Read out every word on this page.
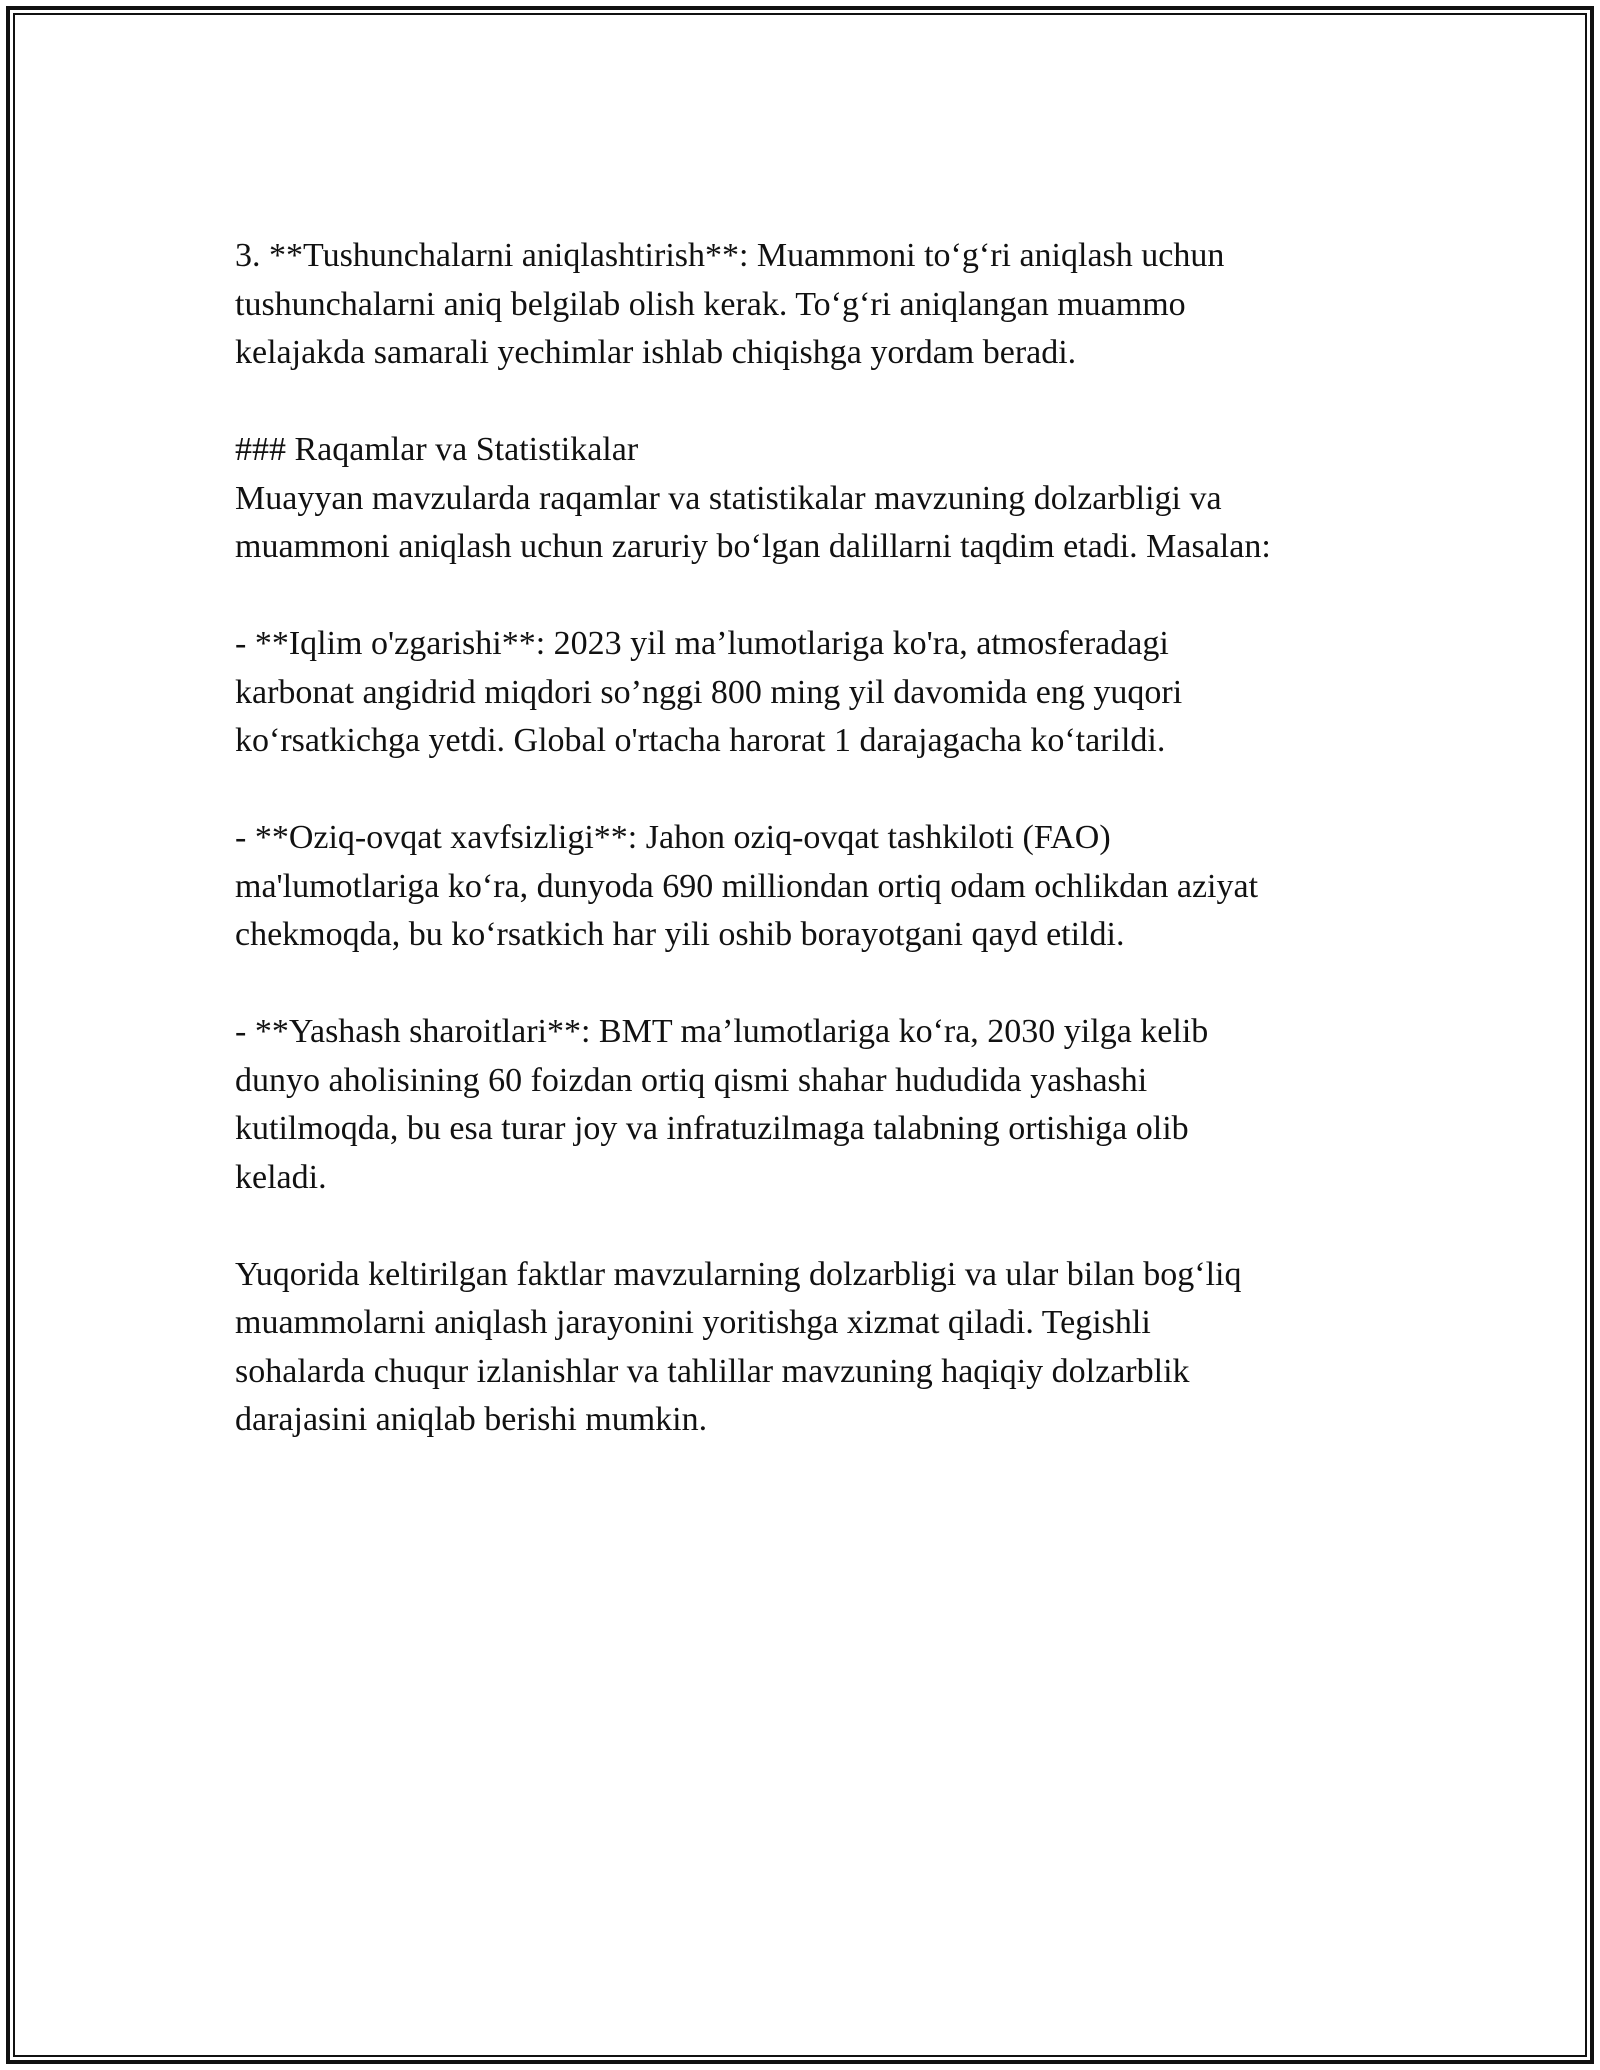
3. **Tushunchalarni aniqlashtirish**: Muammoni to‘g‘ri aniqlash uchun
tushunchalarni aniq belgilab olish kerak. To‘g‘ri aniqlangan muammo
kelajakda samarali yechimlar ishlab chiqishga yordam beradi.

### Raqamlar va Statistikalar

Muayyan mavzularda raqamlar va statistikalar mavzuning dolzarbligi va
muammoni aniqlash uchun zaruriy bo‘lgan dalillarni taqdim etadi. Masalan:

- **Iqlim o'zgarishi**: 2023 yil ma’lumotlariga ko'ra, atmosferadagi
karbonat angidrid miqdori so’nggi 800 ming yil davomida eng yuqori
ko‘rsatkichga yetdi. Global o'rtacha harorat 1 darajagacha ko‘tarildi.

- **Oziq-ovqat xavfsizligi**: Jahon oziq-ovqat tashkiloti (FAO)
ma'lumotlariga ko‘ra, dunyoda 690 milliondan ortiq odam ochlikdan aziyat
chekmoqda, bu ko‘rsatkich har yili oshib borayotgani qayd etildi.

- **Yashash sharoitlari**: BMT ma’lumotlariga ko‘ra, 2030 yilga kelib
dunyo aholisining 60 foizdan ortiq qismi shahar hududida yashashi
kutilmoqda, bu esa turar joy va infratuzilmaga talabning ortishiga olib
keladi.

Yuqorida keltirilgan faktlar mavzularning dolzarbligi va ular bilan bog‘liq
muammolarni aniqlash jarayonini yoritishga xizmat qiladi. Tegishli
sohalarda chuqur izlanishlar va tahlillar mavzuning haqiqiy dolzarblik
darajasini aniqlab berishi mumkin.
